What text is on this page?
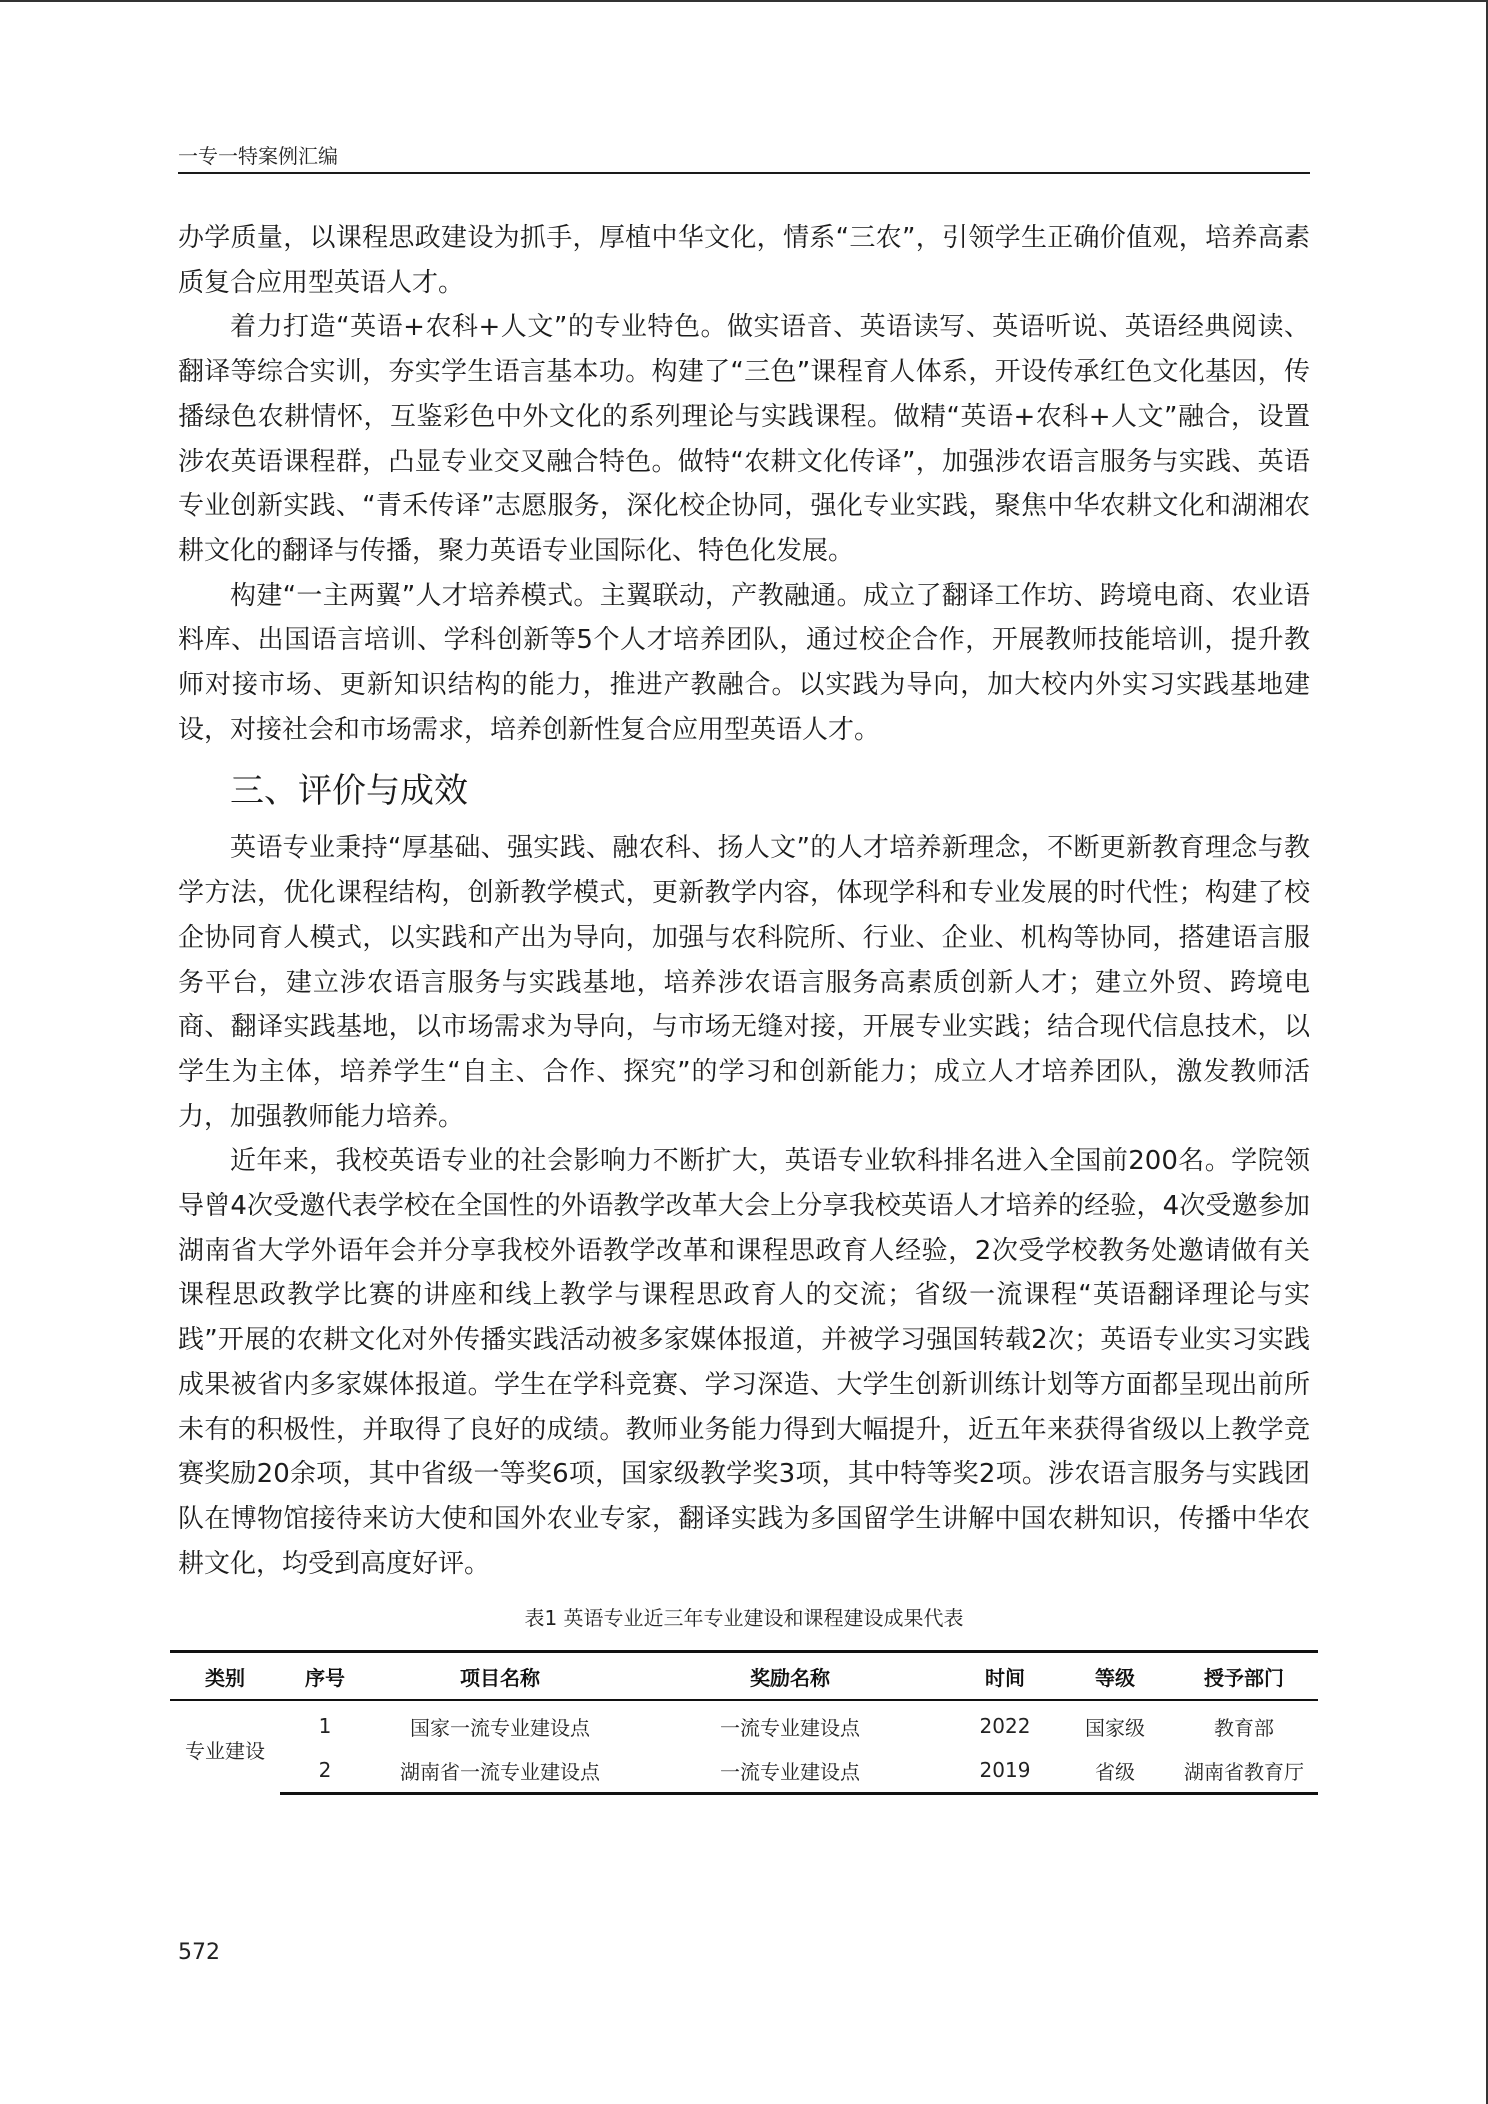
一专一特案例汇编

办学质量，以课程思政建设为抓手，厚植中华文化，情系“三农”，引领学生正确价值观，培养高素质复合应用型英语人才。

着力打造“英语+农科+人文”的专业特色。做实语音、英语读写、英语听说、英语经典阅读、翻译等综合实训，夯实学生语言基本功。构建了“三色”课程育人体系，开设传承红色文化基因，传播绿色农耕情怀，互鉴彩色中外文化的系列理论与实践课程。做精“英语+农科+人文”融合，设置涉农英语课程群，凸显专业交叉融合特色。做特“农耕文化传译”，加强涉农语言服务与实践、英语专业创新实践、“青禾传译”志愿服务，深化校企协同，强化专业实践，聚焦中华农耕文化和湖湘农耕文化的翻译与传播，聚力英语专业国际化、特色化发展。

构建“一主两翼”人才培养模式。主翼联动，产教融通。成立了翻译工作坊、跨境电商、农业语料库、出国语言培训、学科创新等5个人才培养团队，通过校企合作，开展教师技能培训，提升教师对接市场、更新知识结构的能力，推进产教融合。以实践为导向，加大校内外实习实践基地建设，对接社会和市场需求，培养创新性复合应用型英语人才。

三、评价与成效

英语专业秉持“厚基础、强实践、融农科、扬人文”的人才培养新理念，不断更新教育理念与教学方法，优化课程结构，创新教学模式，更新教学内容，体现学科和专业发展的时代性；构建了校企协同育人模式，以实践和产出为导向，加强与农科院所、行业、企业、机构等协同，搭建语言服务平台，建立涉农语言服务与实践基地，培养涉农语言服务高素质创新人才；建立外贸、跨境电商、翻译实践基地，以市场需求为导向，与市场无缝对接，开展专业实践；结合现代信息技术，以学生为主体，培养学生“自主、合作、探究”的学习和创新能力；成立人才培养团队，激发教师活力，加强教师能力培养。

近年来，我校英语专业的社会影响力不断扩大，英语专业软科排名进入全国前200名。学院领导曾4次受邀代表学校在全国性的外语教学改革大会上分享我校英语人才培养的经验，4次受邀参加湖南省大学外语年会并分享我校外语教学改革和课程思政育人经验，2次受学校教务处邀请做有关课程思政教学比赛的讲座和线上教学与课程思政育人的交流；省级一流课程“英语翻译理论与实践”开展的农耕文化对外传播实践活动被多家媒体报道，并被学习强国转载2次；英语专业实习实践成果被省内多家媒体报道。学生在学科竞赛、学习深造、大学生创新训练计划等方面都呈现出前所未有的积极性，并取得了良好的成绩。教师业务能力得到大幅提升，近五年来获得省级以上教学竞赛奖励20余项，其中省级一等奖6项，国家级教学奖3项，其中特等奖2项。涉农语言服务与实践团队在博物馆接待来访大使和国外农业专家，翻译实践为多国留学生讲解中国农耕知识，传播中华农耕文化，均受到高度好评。

表1 英语专业近三年专业建设和课程建设成果代表
类别	序号	项目名称	奖励名称	时间	等级	授予部门
专业建设	1	国家一流专业建设点	一流专业建设点	2022	国家级	教育部
	2	湖南省一流专业建设点	一流专业建设点	2019	省级	湖南省教育厅
572
